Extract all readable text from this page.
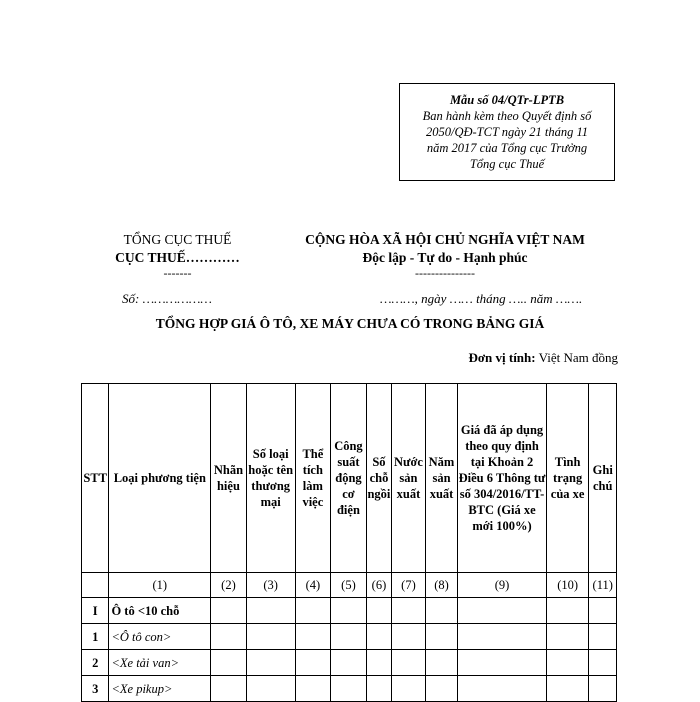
Mẫu số 04/QTr-LPTB
Ban hành kèm theo Quyết định số
2050/QĐ-TCT ngày 21 tháng 11
năm 2017 của Tổng cục Trưởng
Tổng cục Thuế
TỔNG CỤC THUẾ
CỤC THUẾ…………
-------
CỘNG HÒA XÃ HỘI CHỦ NGHĨA VIỆT NAM
Độc lập - Tự do - Hạnh phúc
---------------
Số: ………………	………, ngày …… tháng ….. năm …….
TỔNG HỢP GIÁ Ô TÔ, XE MÁY CHƯA CÓ TRONG BẢNG GIÁ
Đơn vị tính: Việt Nam đồng
STT	Loại phương tiện	Nhãn hiệu	Số loại hoặc tên thương mại	Thể tích làm việc	Công suất động cơ điện	Số chỗ ngồi	Nước sản xuất	Năm sản xuất	Giá đã áp dụng theo quy định tại Khoản 2 Điều 6 Thông tư số 304/2016/TT-BTC (Giá xe mới 100%)	Tình trạng của xe	Ghi chú
	(1)	(2)	(3)	(4)	(5)	(6)	(7)	(8)	(9)	(10)	(11)
I	Ô tô <10 chỗ										
1	<Ô tô con>										
2	<Xe tải van>										
3	<Xe pikup>										
